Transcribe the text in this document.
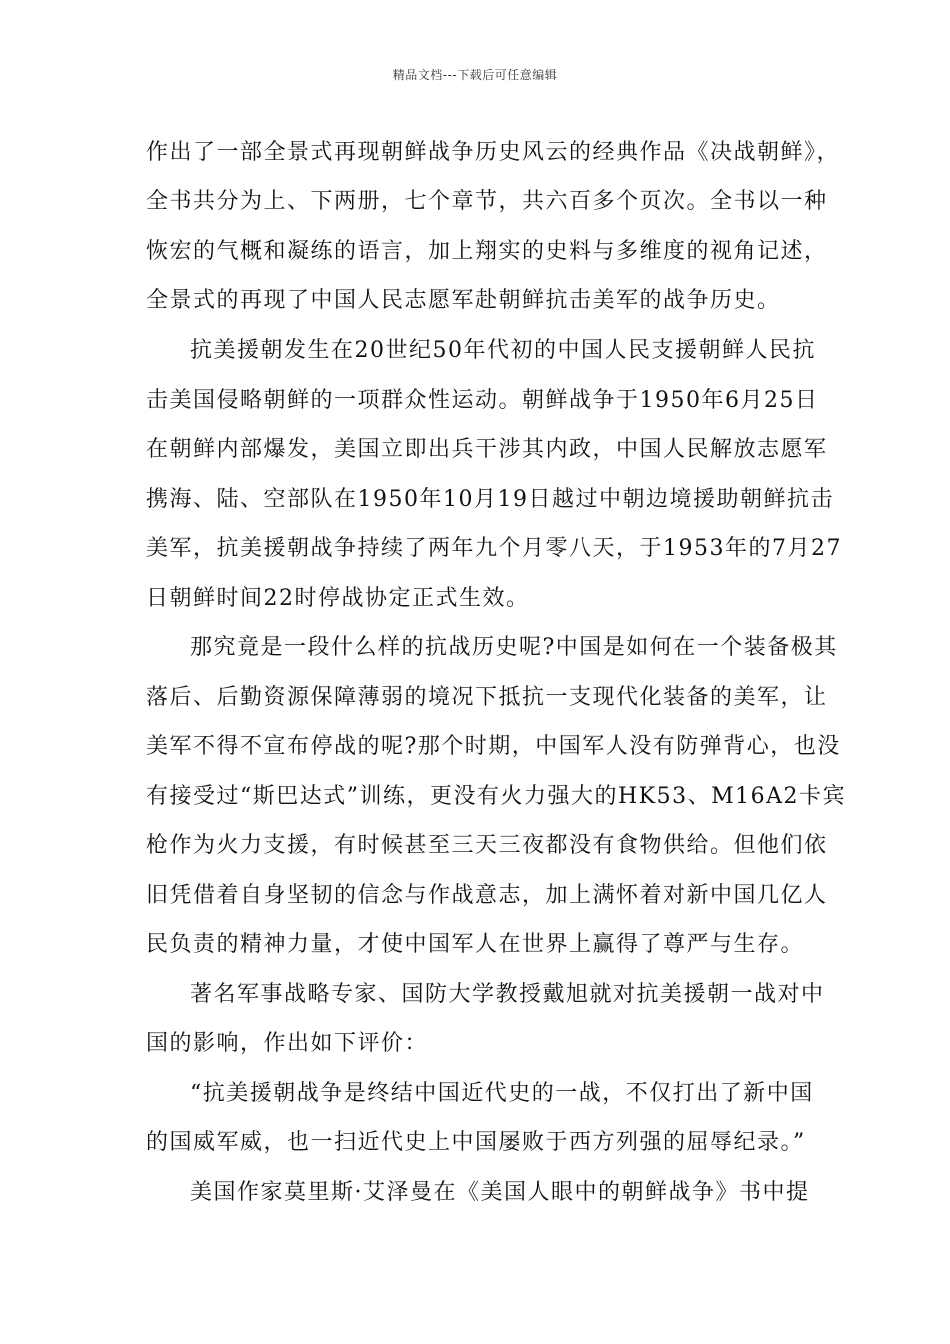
精品文档---下载后可任意编辑
作出了一部全景式再现朝鲜战争历史风云的经典作品《决战朝鲜》，
全书共分为上、下两册，七个章节，共六百多个页次。全书以一种
恢宏的气概和凝练的语言，加上翔实的史料与多维度的视角记述，
全景式的再现了中国人民志愿军赴朝鲜抗击美军的战争历史。
抗美援朝发生在20世纪50年代初的中国人民支援朝鲜人民抗
击美国侵略朝鲜的一项群众性运动。朝鲜战争于1950年6月25日
在朝鲜内部爆发，美国立即出兵干涉其内政，中国人民解放志愿军
携海、陆、空部队在1950年10月19日越过中朝边境援助朝鲜抗击
美军，抗美援朝战争持续了两年九个月零八天，于1953年的7月27
日朝鲜时间22时停战协定正式生效。
那究竟是一段什么样的抗战历史呢?中国是如何在一个装备极其
落后、后勤资源保障薄弱的境况下抵抗一支现代化装备的美军，让
美军不得不宣布停战的呢?那个时期，中国军人没有防弹背心，也没
有接受过“斯巴达式”训练，更没有火力强大的HK53、M16A2卡宾
枪作为火力支援，有时候甚至三天三夜都没有食物供给。但他们依
旧凭借着自身坚韧的信念与作战意志，加上满怀着对新中国几亿人
民负责的精神力量，才使中国军人在世界上赢得了尊严与生存。
著名军事战略专家、国防大学教授戴旭就对抗美援朝一战对中
国的影响，作出如下评价：
“抗美援朝战争是终结中国近代史的一战，不仅打出了新中国
的国威军威，也一扫近代史上中国屡败于西方列强的屈辱纪录。”
美国作家莫里斯·艾泽曼在《美国人眼中的朝鲜战争》书中提
